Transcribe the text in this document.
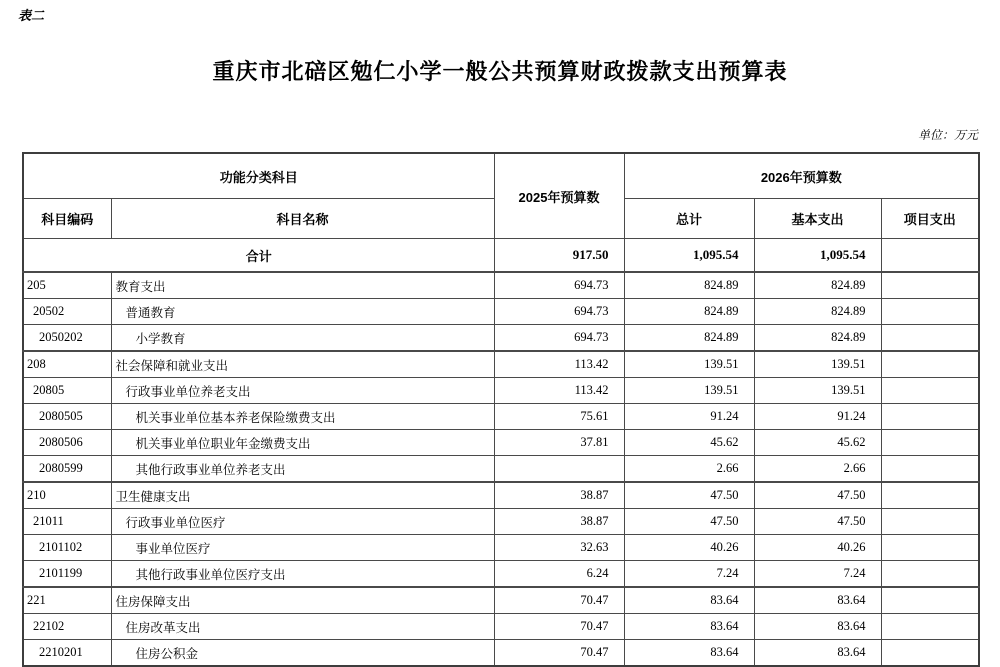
表二
重庆市北碚区勉仁小学一般公共预算财政拨款支出预算表
单位：万元
功能分类科目		2025年预算数	2026年预算数		
科目编码	科目名称		总计	基本支出	项目支出
合计		917.50	1,095.54	1,095.54	
205	教育支出	694.73	824.89	824.89	
20502	普通教育	694.73	824.89	824.89	
2050202	小学教育	694.73	824.89	824.89	
208	社会保障和就业支出	113.42	139.51	139.51	
20805	行政事业单位养老支出	113.42	139.51	139.51	
2080505	机关事业单位基本养老保险缴费支出	75.61	91.24	91.24	
2080506	机关事业单位职业年金缴费支出	37.81	45.62	45.62	
2080599	其他行政事业单位养老支出		2.66	2.66	
210	卫生健康支出	38.87	47.50	47.50	
21011	行政事业单位医疗	38.87	47.50	47.50	
2101102	事业单位医疗	32.63	40.26	40.26	
2101199	其他行政事业单位医疗支出	6.24	7.24	7.24	
221	住房保障支出	70.47	83.64	83.64	
22102	住房改革支出	70.47	83.64	83.64	
2210201	住房公积金	70.47	83.64	83.64	
